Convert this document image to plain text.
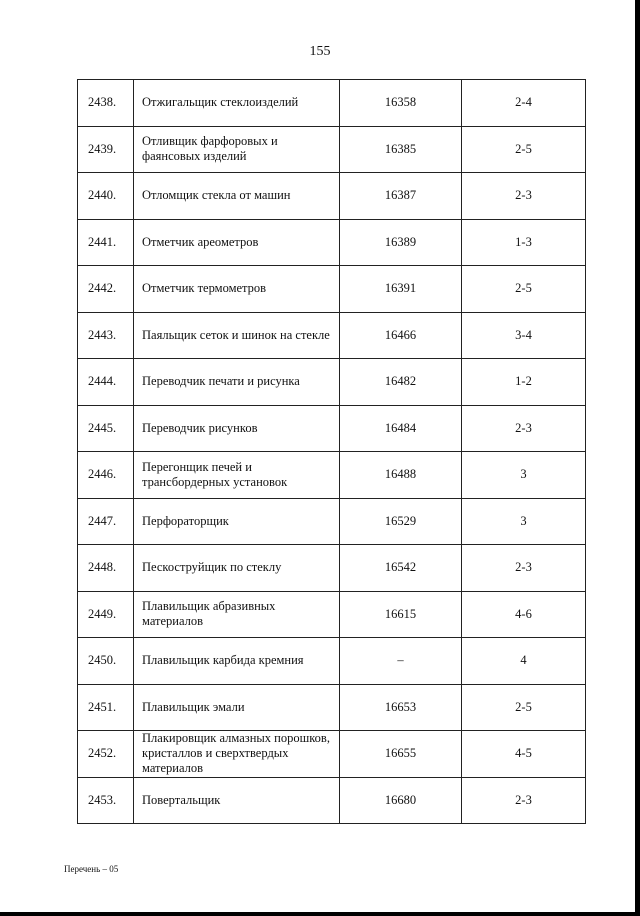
155
2438.	Отжигальщик стеклоизделий	16358	2-4
2439.	Отливщик фарфоровых и фаянсовых изделий	16385	2-5
2440.	Отломщик стекла от машин	16387	2-3
2441.	Отметчик ареометров	16389	1-3
2442.	Отметчик термометров	16391	2-5
2443.	Паяльщик сеток и шинок на стекле	16466	3-4
2444.	Переводчик печати и рисунка	16482	1-2
2445.	Переводчик рисунков	16484	2-3
2446.	Перегонщик печей и трансбордерных установок	16488	3
2447.	Перфораторщик	16529	3
2448.	Пескоструйщик по стеклу	16542	2-3
2449.	Плавильщик абразивных материалов	16615	4-6
2450.	Плавильщик карбида кремния	–	4
2451.	Плавильщик эмали	16653	2-5
2452.	Плакировщик алмазных порошков, кристаллов и сверхтвердых материалов	16655	4-5
2453.	Повертальщик	16680	2-3
Перечень – 05
